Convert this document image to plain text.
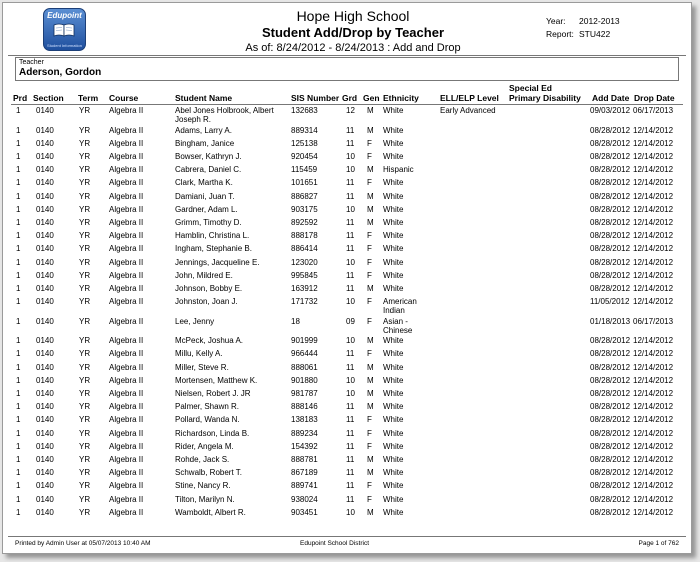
Edupoint
Student Information
Hope High School
Student Add/Drop by Teacher
As of: 8/24/2012 - 8/24/2013 : Add and Drop
Year: 2012-2013
Report: STU422
Teacher
Aderson, Gordon
Prd Section Term Course	Student Name	SIS Number Grd Gen Ethnicity ELL/ELP Level
Special Ed
Primary Disability Add Date Drop Date
1 0140	YR Algebra II	Abel Jones Holbrook, Albert
Joseph R.
132683	12 M White	Early Advanced	09/03/2012 06/17/2013
1 0140	YR Algebra II	Adams, Larry A.	889314	11 M White	08/28/2012 12/14/2012
1 0140	YR Algebra II	Bingham, Janice	125138	11 F White	08/28/2012 12/14/2012
1 0140	YR Algebra II	Bowser, Kathryn J.	920454	10 F White	08/28/2012 12/14/2012
1 0140	YR Algebra II	Cabrera, Daniel C.	115459	10 M Hispanic	08/28/2012 12/14/2012
1 0140	YR Algebra II	Clark, Martha K.	101651	11 F White	08/28/2012 12/14/2012
1 0140	YR Algebra II	Damiani, Juan T.	886827	11 M White	08/28/2012 12/14/2012
1 0140	YR Algebra II	Gardner, Adam L.	903175	10 M White	08/28/2012 12/14/2012
1 0140	YR Algebra II	Grimm, Timothy D.	892592	11 M White	08/28/2012 12/14/2012
1 0140	YR Algebra II	Hamblin, Christina L.	888178	11 F White	08/28/2012 12/14/2012
1 0140	YR Algebra II	Ingham, Stephanie B.	886414	11 F White	08/28/2012 12/14/2012
1 0140	YR Algebra II	Jennings, Jacqueline E.	123020	10 F White	08/28/2012 12/14/2012
1 0140	YR Algebra II	John, Mildred E.	995845	11 F White	08/28/2012 12/14/2012
1 0140	YR Algebra II	Johnson, Bobby E.	163912	11 M White	08/28/2012 12/14/2012
1 0140	YR Algebra II	Johnston, Joan J.	171732	10 F American
Indian
11/05/2012 12/14/2012
1 0140	YR Algebra II	Lee, Jenny	18	09 F Asian -
Chinese
01/18/2013 06/17/2013
1 0140	YR Algebra II	McPeck, Joshua A.	901999	10 M White	08/28/2012 12/14/2012
1 0140	YR Algebra II	Millu, Kelly A.	966444	11 F White	08/28/2012 12/14/2012
1 0140	YR Algebra II	Miller, Steve R.	888061	11 M White	08/28/2012 12/14/2012
1 0140	YR Algebra II	Mortensen, Matthew K.	901880	10 M White	08/28/2012 12/14/2012
1 0140	YR Algebra II	Nielsen, Robert J. JR	981787	10 M White	08/28/2012 12/14/2012
1 0140	YR Algebra II	Palmer, Shawn R.	888146	11 M White	08/28/2012 12/14/2012
1 0140	YR Algebra II	Pollard, Wanda N.	138183	11 F White	08/28/2012 12/14/2012
1 0140	YR Algebra II	Richardson, Linda B.	889234	11 F White	08/28/2012 12/14/2012
1 0140	YR Algebra II	Rider, Angela M.	154392	11 F White	08/28/2012 12/14/2012
1 0140	YR Algebra II	Rohde, Jack S.	888781	11 M White	08/28/2012 12/14/2012
1 0140	YR Algebra II	Schwalb, Robert T.	867189	11 M White	08/28/2012 12/14/2012
1 0140	YR Algebra II	Stine, Nancy R.	889741	11 F White	08/28/2012 12/14/2012
1 0140	YR Algebra II	Tilton, Marilyn N.	938024	11 F White	08/28/2012 12/14/2012
1 0140	YR Algebra II	Wamboldt, Albert R.	903451	10 M White	08/28/2012 12/14/2012
Printed by Admin User at 05/07/2013 10:40 AM	Edupoint School District	Page 1 of 762
